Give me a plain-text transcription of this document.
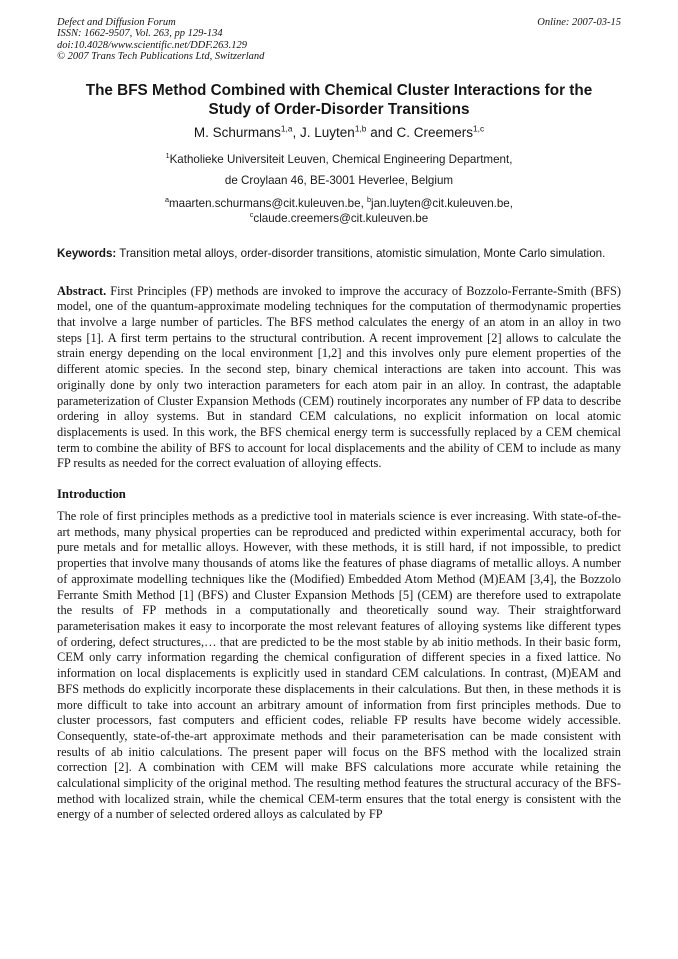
Defect and Diffusion Forum
ISSN: 1662-9507, Vol. 263, pp 129-134
doi:10.4028/www.scientific.net/DDF.263.129
© 2007 Trans Tech Publications Ltd, Switzerland
Online: 2007-03-15
The BFS Method Combined with Chemical Cluster Interactions for the Study of Order-Disorder Transitions
M. Schurmans$^{1,a}$, J. Luyten$^{1,b}$ and C. Creemers$^{1,c}$
$^1$Katholieke Universiteit Leuven, Chemical Engineering Department,
de Croylaan 46, BE-3001 Heverlee, Belgium
$^a$maarten.schurmans@cit.kuleuven.be, $^b$jan.luyten@cit.kuleuven.be,
$^c$claude.creemers@cit.kuleuven.be

Keywords: Transition metal alloys, order-disorder transitions, atomistic simulation, Monte Carlo simulation.

Abstract. First Principles (FP) methods are invoked to improve the accuracy of Bozzolo-Ferrante-Smith (BFS) model, one of the quantum-approximate modeling techniques for the computation of thermodynamic properties that involve a large number of particles. The BFS method calculates the energy of an atom in an alloy in two steps [1]. A first term pertains to the structural contribution. A recent improvement [2] allows to calculate the strain energy depending on the local environment [1,2] and this involves only pure element properties of the different atomic species. In the second step, binary chemical interactions are taken into account. This was originally done by only two interaction parameters for each atom pair in an alloy. In contrast, the adaptable parameterization of Cluster Expansion Methods (CEM) routinely incorporates any number of FP data to describe ordering in alloy systems. But in standard CEM calculations, no explicit information on local atomic displacements is used. In this work, the BFS chemical energy term is successfully replaced by a CEM chemical term to combine the ability of BFS to account for local displacements and the ability of CEM to include as many FP results as needed for the correct evaluation of alloying effects.

Introduction

The role of first principles methods as a predictive tool in materials science is ever increasing. With state-of-the-art methods, many physical properties can be reproduced and predicted within experimental accuracy, both for pure metals and for metallic alloys. However, with these methods, it is still hard, if not impossible, to predict properties that involve many thousands of atoms like the features of phase diagrams of metallic alloys. A number of approximate modelling techniques like the (Modified) Embedded Atom Method (M)EAM [3,4], the Bozzolo Ferrante Smith Method [1] (BFS) and Cluster Expansion Methods [5] (CEM) are therefore used to extrapolate the results of FP methods in a computationally and theoretically sound way. Their straightforward parameterisation makes it easy to incorporate the most relevant features of alloying systems like different types of ordering, defect structures,… that are predicted to be the most stable by ab initio methods. In their basic form, CEM only carry information regarding the chemical configuration of different species in a fixed lattice. No information on local displacements is explicitly used in standard CEM calculations. In contrast, (M)EAM and BFS methods do explicitly incorporate these displacements in their calculations. But then, in these methods it is more difficult to take into account an arbitrary amount of information from first principles methods. Due to cluster processors, fast computers and efficient codes, reliable FP results have become widely accessible. Consequently, state-of-the-art approximate methods and their parameterisation can be made consistent with results of ab initio calculations. The present paper will focus on the BFS method with the localized strain correction [2]. A combination with CEM will make BFS calculations more accurate while retaining the calculational simplicity of the original method. The resulting method features the structural accuracy of the BFS-method with localized strain, while the chemical CEM-term ensures that the total energy is consistent with the energy of a number of selected ordered alloys as calculated by FP
